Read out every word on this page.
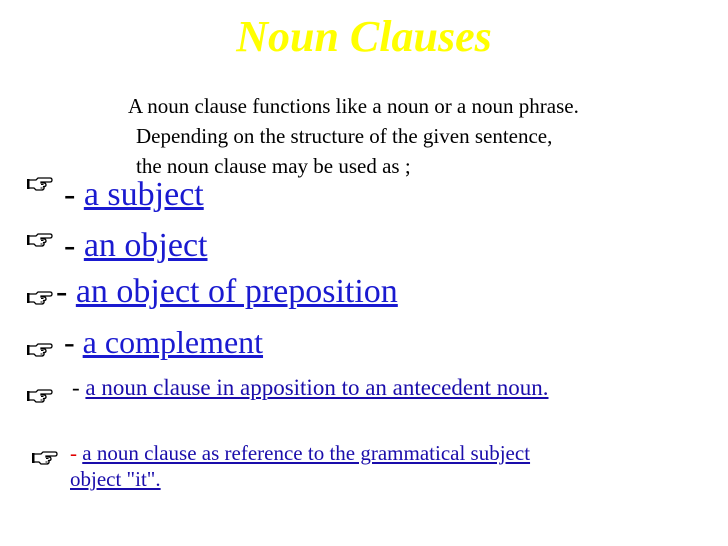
Noun Clauses
A noun clause functions like a noun or a noun phrase.
Depending on the structure of the given sentence,
the noun clause may be used as ;
- a subject
- an object
- an object of preposition
- a complement
- a noun clause in apposition to an antecedent noun.
- a noun clause as reference to the grammatical subject
object "it".
